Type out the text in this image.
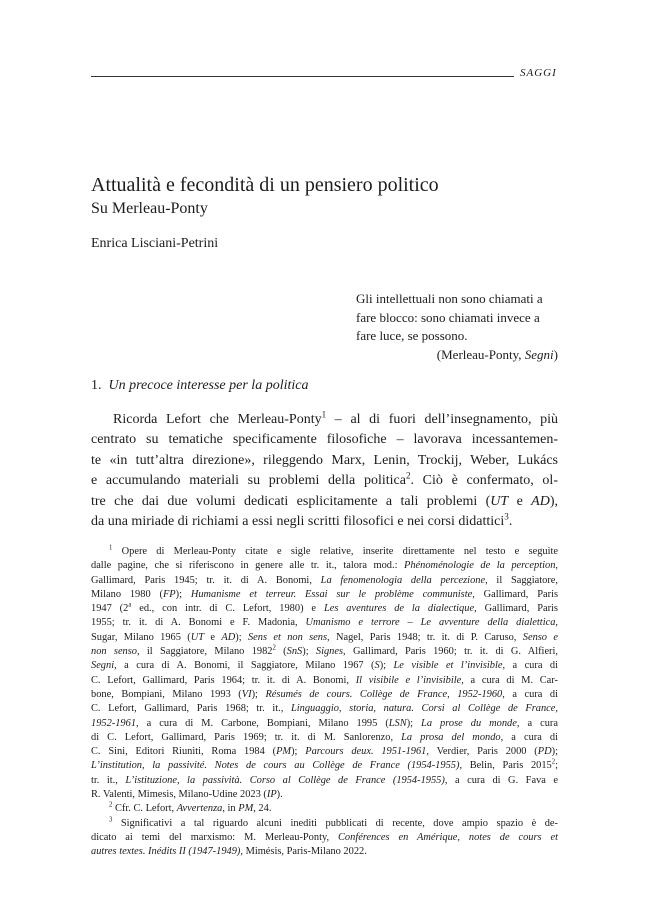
SAGGI
Attualità e fecondità di un pensiero politico
Su Merleau-Ponty
Enrica Lisciani-Petrini
Gli intellettuali non sono chiamati a
fare blocco: sono chiamati invece a
fare luce, se possono.
(Merleau-Ponty, Segni)
1. Un precoce interesse per la politica
Ricorda Lefort che Merleau-Ponty$^1$ – al di fuori dell’insegnamento, più
centrato su tematiche specificamente filosofiche – lavorava incessantemen-
te «in tutt’altra direzione», rileggendo Marx, Lenin, Trockij, Weber, Lukács
e accumulando materiali su problemi della politica$^2$. Ciò è confermato, ol-
tre che dai due volumi dedicati esplicitamente a tali problemi (UT e AD),
da una miriade di richiami a essi negli scritti filosofici e nei corsi didattici$^3$.
$^1$ Opere di Merleau-Ponty citate e sigle relative, inserite direttamente nel testo e seguite
dalle pagine, che si riferiscono in genere alle tr. it., talora mod.: Phénoménologie de la perception,
Gallimard, Paris 1945; tr. it. di A. Bonomi, La fenomenologia della percezione, il Saggiatore,
Milano 1980 (FP); Humanisme et terreur. Essai sur le problème communiste, Gallimard, Paris
1947 (2$^a$ ed., con intr. di C. Lefort, 1980) e Les aventures de la dialectique, Gallimard, Paris
1955; tr. it. di A. Bonomi e F. Madonia, Umanismo e terrore – Le avventure della dialettica,
Sugar, Milano 1965 (UT e AD); Sens et non sens, Nagel, Paris 1948; tr. it. di P. Caruso, Senso e
non senso, il Saggiatore, Milano 1982$^2$ (SnS); Signes, Gallimard, Paris 1960; tr. it. di G. Alfieri,
Segni, a cura di A. Bonomi, il Saggiatore, Milano 1967 (S); Le visible et l’invisible, a cura di
C. Lefort, Gallimard, Paris 1964; tr. it. di A. Bonomi, Il visibile e l’invisibile, a cura di M. Car-
bone, Bompiani, Milano 1993 (VI); Résumés de cours. Collège de France, 1952-1960, a cura di
C. Lefort, Gallimard, Paris 1968; tr. it., Linguaggio, storia, natura. Corsi al Collège de France,
1952-1961, a cura di M. Carbone, Bompiani, Milano 1995 (LSN); La prose du monde, a cura
di C. Lefort, Gallimard, Paris 1969; tr. it. di M. Sanlorenzo, La prosa del mondo, a cura di
C. Sini, Editori Riuniti, Roma 1984 (PM); Parcours deux. 1951-1961, Verdier, Paris 2000 (PD);
L’institution, la passivité. Notes de cours au Collège de France (1954-1955), Belin, Paris 2015$^2$;
tr. it., L’istituzione, la passività. Corso al Collège de France (1954-1955), a cura di G. Fava e
R. Valenti, Mimesis, Milano-Udine 2023 (IP).
$^2$ Cfr. C. Lefort, Avvertenza, in PM, 24.
$^3$ Significativi a tal riguardo alcuni inediti pubblicati di recente, dove ampio spazio è de-
dicato ai temi del marxismo: M. Merleau-Ponty, Conférences en Amérique, notes de cours et
autres textes. Inédits II (1947-1949), Mimésis, Paris-Milano 2022.
